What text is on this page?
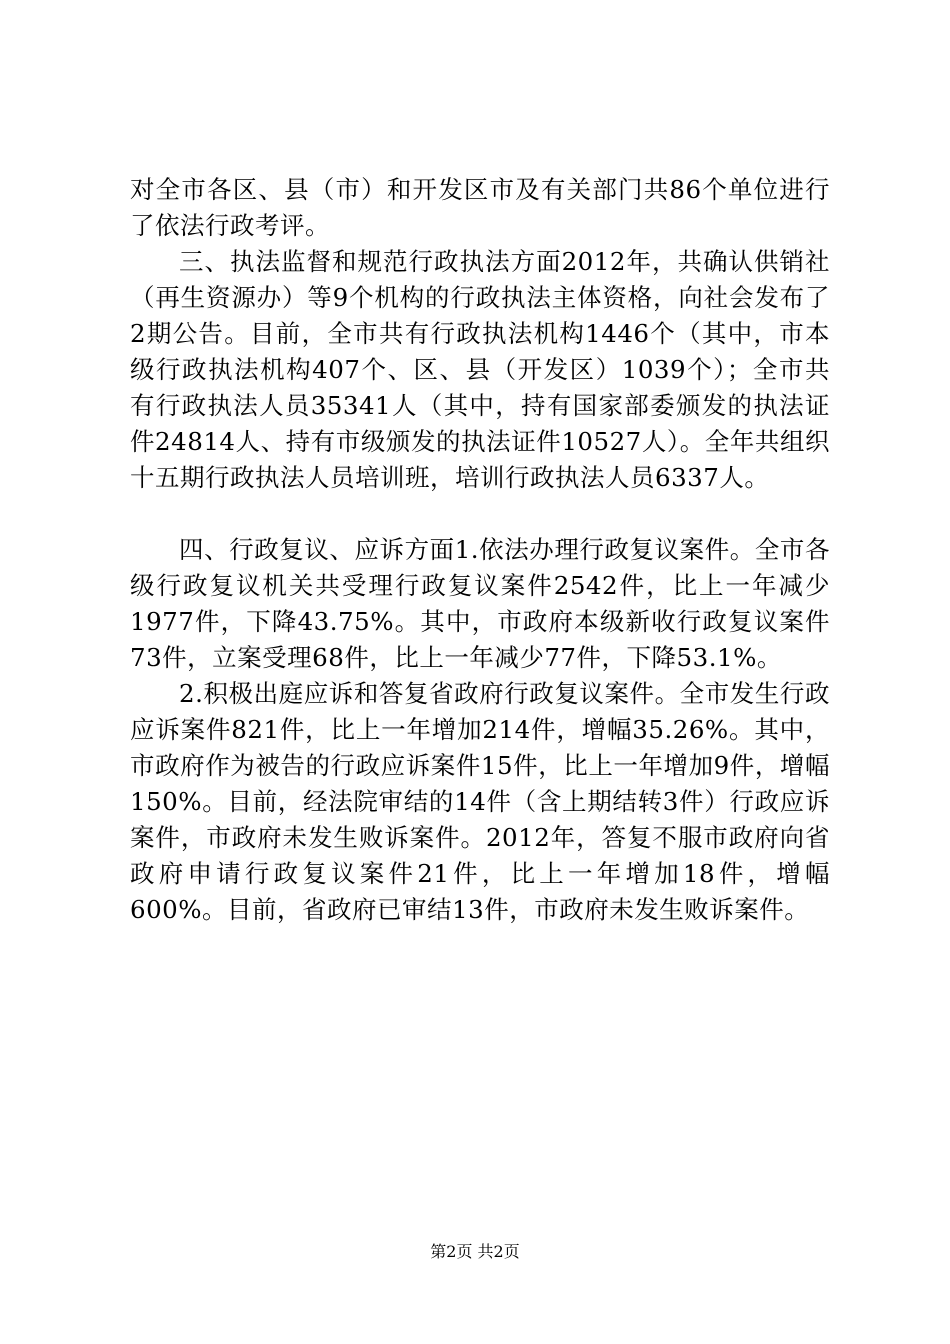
对全市各区、县（市）和开发区市及有关部门共86个单位进行了依法行政考评。

三、执法监督和规范行政执法方面2012年，共确认供销社（再生资源办）等9个机构的行政执法主体资格，向社会发布了2期公告。目前，全市共有行政执法机构1446个（其中，市本级行政执法机构407个、区、县（开发区）1039个）；全市共有行政执法人员35341人（其中，持有国家部委颁发的执法证件24814人、持有市级颁发的执法证件10527人）。全年共组织十五期行政执法人员培训班，培训行政执法人员6337人。

四、行政复议、应诉方面1.依法办理行政复议案件。全市各级行政复议机关共受理行政复议案件2542件，比上一年减少1977件，下降43.75%。其中，市政府本级新收行政复议案件73件，立案受理68件，比上一年减少77件，下降53.1%。

2.积极出庭应诉和答复省政府行政复议案件。全市发生行政应诉案件821件，比上一年增加214件，增幅35.26%。其中，市政府作为被告的行政应诉案件15件，比上一年增加9件，增幅150%。目前，经法院审结的14件（含上期结转3件）行政应诉案件，市政府未发生败诉案件。2012年，答复不服市政府向省政府申请行政复议案件21件，比上一年增加18件，增幅600%。目前，省政府已审结13件，市政府未发生败诉案件。

第2页 共2页
